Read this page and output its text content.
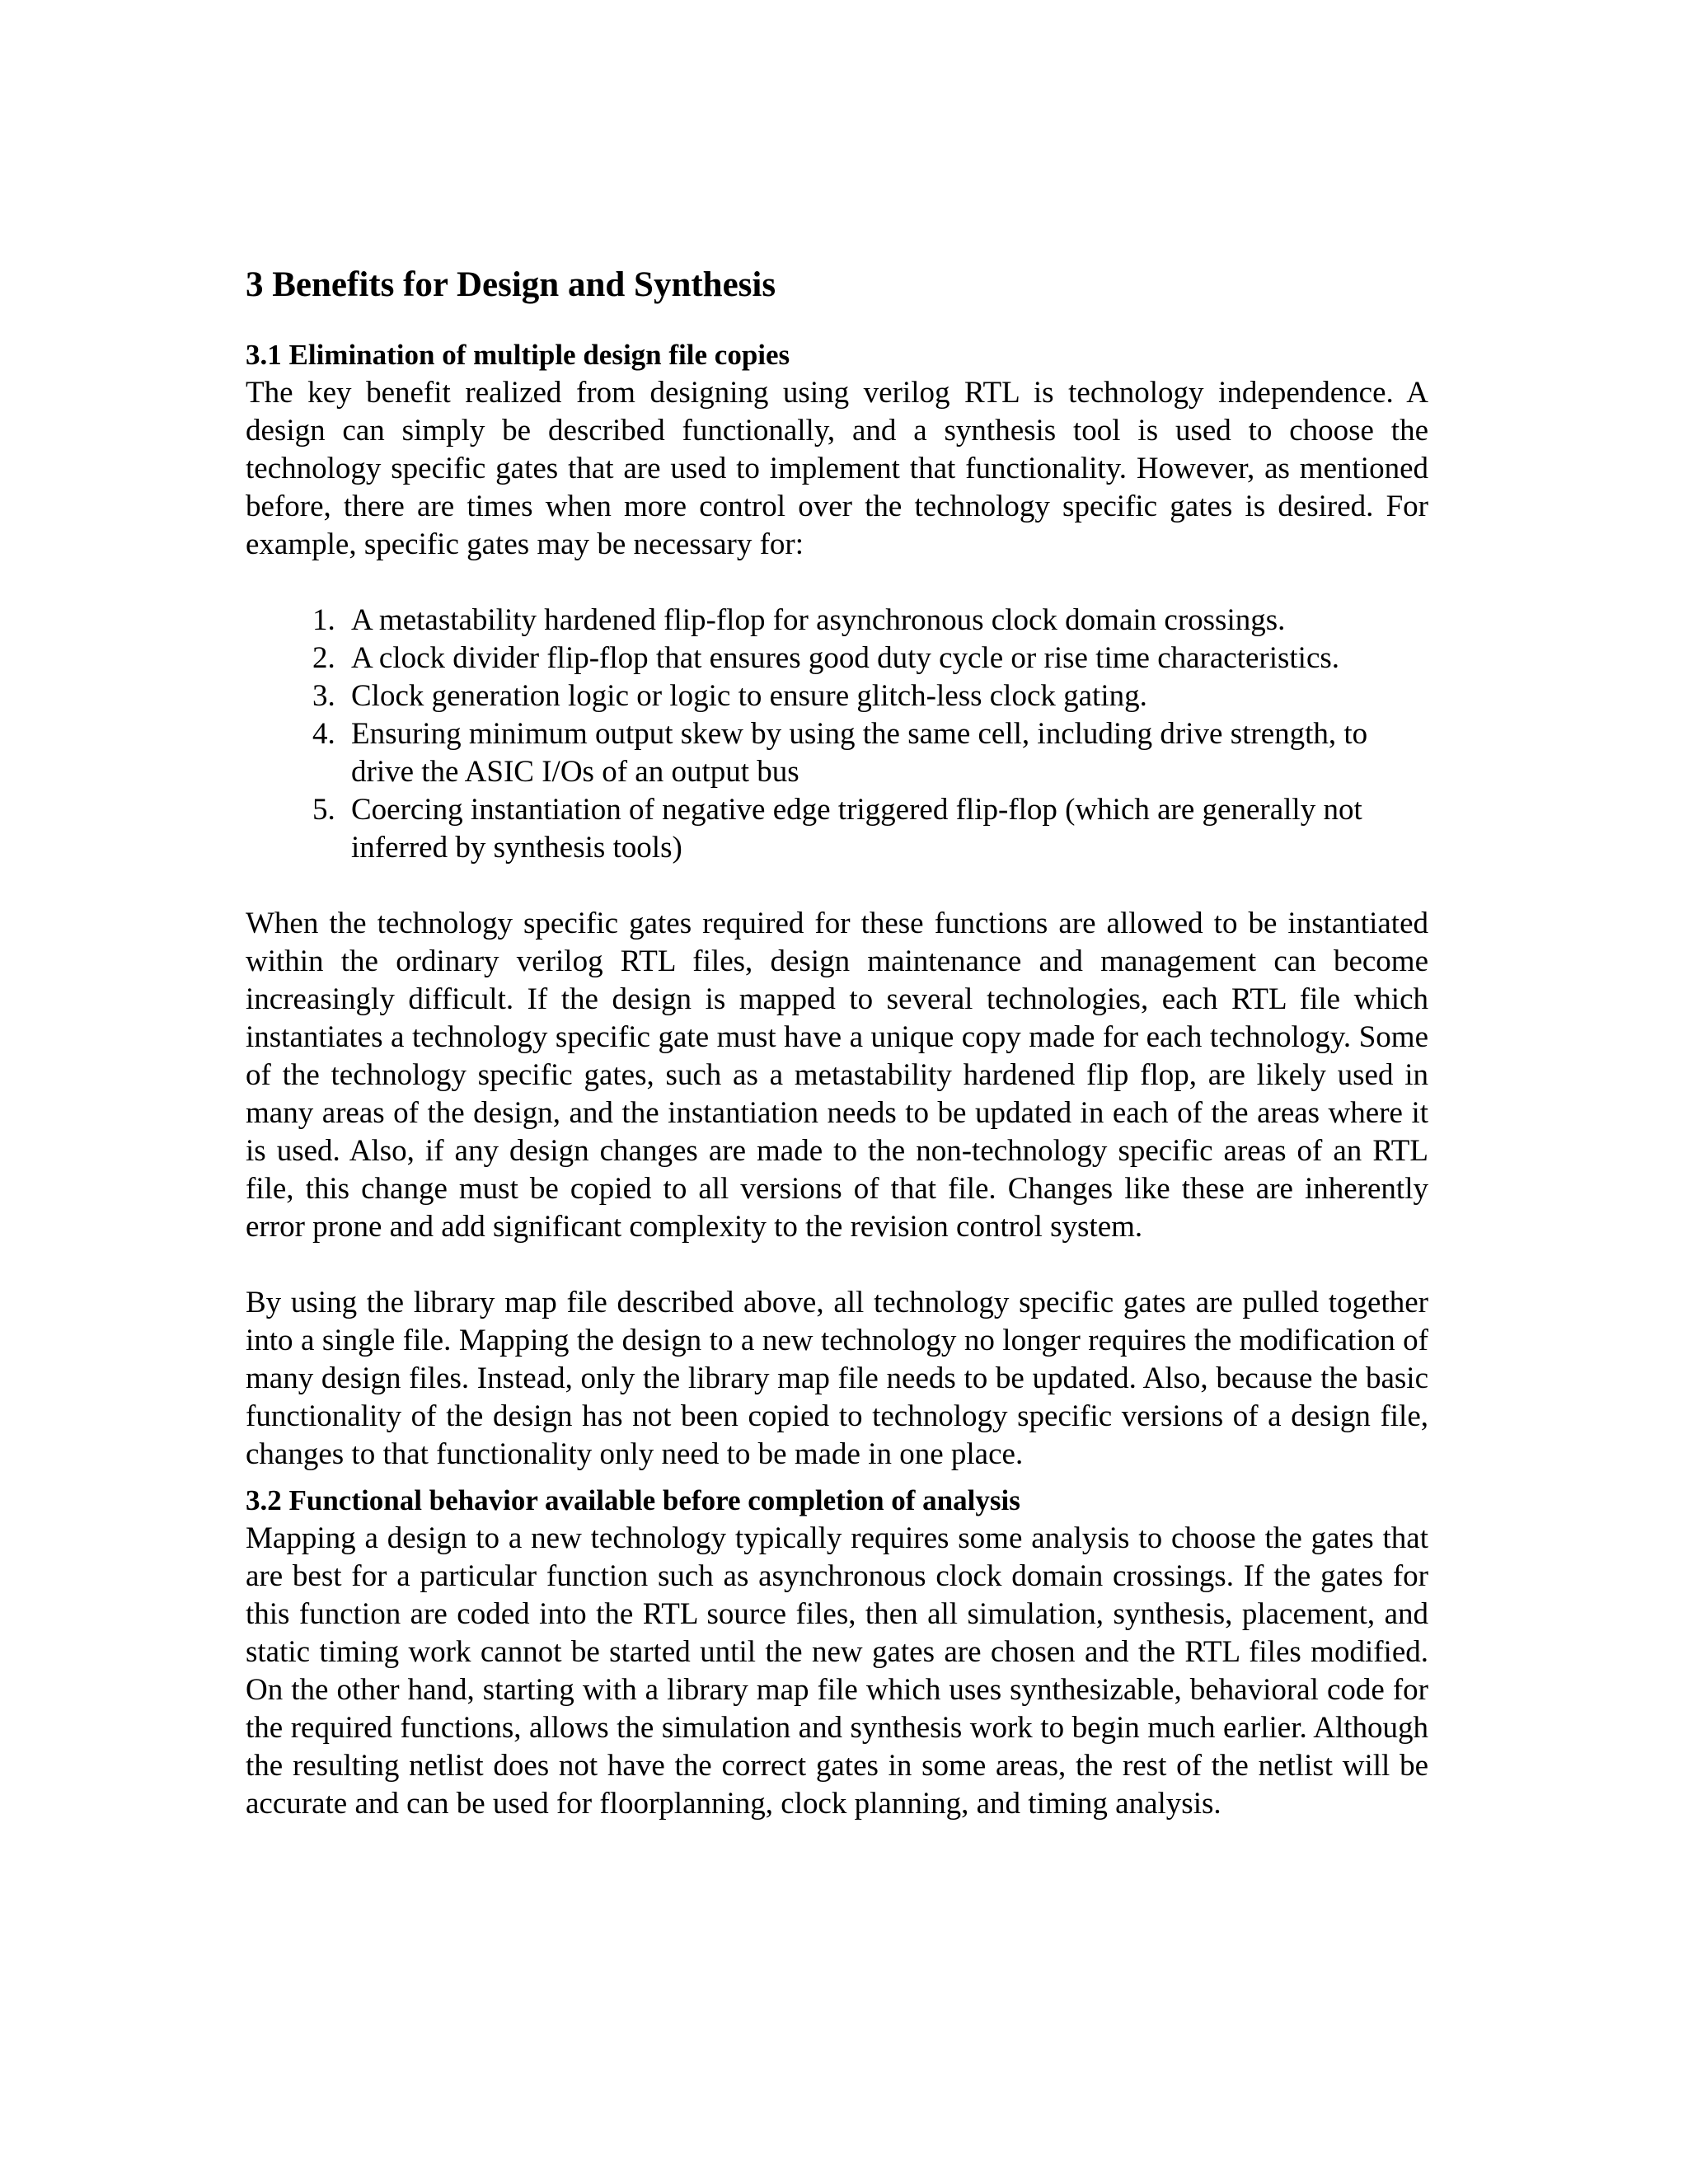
3 Benefits for Design and Synthesis
3.1 Elimination of multiple design file copies

The key benefit realized from designing using verilog RTL is technology independence. A design can simply be described functionally, and a synthesis tool is used to choose the technology specific gates that are used to implement that functionality. However, as mentioned before, there are times when more control over the technology specific gates is desired. For example, specific gates may be necessary for:

1. A metastability hardened flip-flop for asynchronous clock domain crossings.
2. A clock divider flip-flop that ensures good duty cycle or rise time characteristics.
3. Clock generation logic or logic to ensure glitch-less clock gating.
4. Ensuring minimum output skew by using the same cell, including drive strength, to drive the ASIC I/Os of an output bus
5. Coercing instantiation of negative edge triggered flip-flop (which are generally not inferred by synthesis tools)

When the technology specific gates required for these functions are allowed to be instantiated within the ordinary verilog RTL files, design maintenance and management can become increasingly difficult. If the design is mapped to several technologies, each RTL file which instantiates a technology specific gate must have a unique copy made for each technology. Some of the technology specific gates, such as a metastability hardened flip flop, are likely used in many areas of the design, and the instantiation needs to be updated in each of the areas where it is used. Also, if any design changes are made to the non-technology specific areas of an RTL file, this change must be copied to all versions of that file. Changes like these are inherently error prone and add significant complexity to the revision control system.

By using the library map file described above, all technology specific gates are pulled together into a single file. Mapping the design to a new technology no longer requires the modification of many design files. Instead, only the library map file needs to be updated. Also, because the basic functionality of the design has not been copied to technology specific versions of a design file, changes to that functionality only need to be made in one place.

3.2 Functional behavior available before completion of analysis

Mapping a design to a new technology typically requires some analysis to choose the gates that are best for a particular function such as asynchronous clock domain crossings. If the gates for this function are coded into the RTL source files, then all simulation, synthesis, placement, and static timing work cannot be started until the new gates are chosen and the RTL files modified. On the other hand, starting with a library map file which uses synthesizable, behavioral code for the required functions, allows the simulation and synthesis work to begin much earlier. Although the resulting netlist does not have the correct gates in some areas, the rest of the netlist will be accurate and can be used for floorplanning, clock planning, and timing analysis.
